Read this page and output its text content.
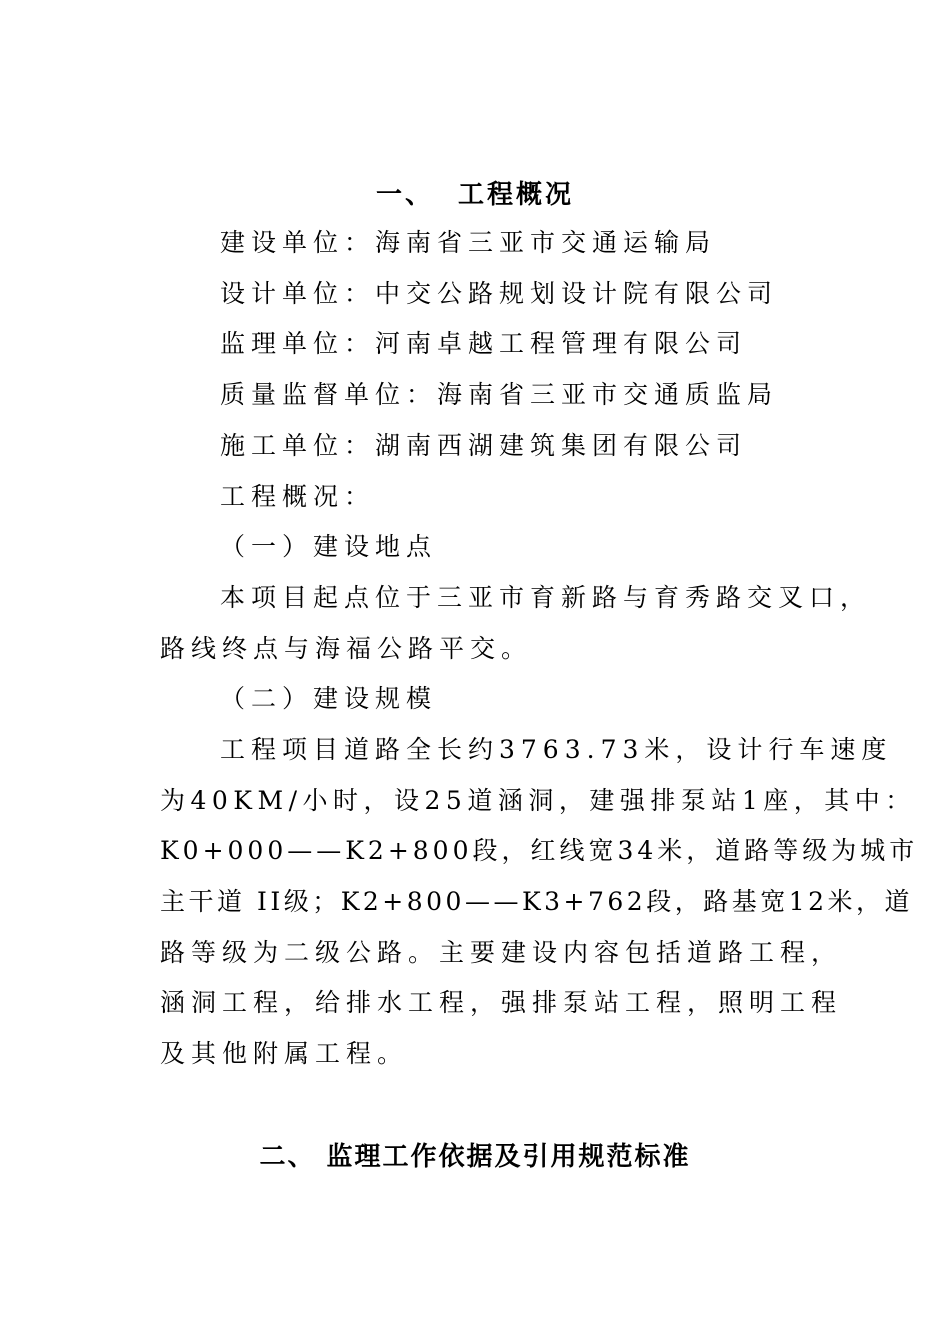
一、  工程概况
建设单位：海南省三亚市交通运输局
设计单位：中交公路规划设计院有限公司
监理单位：河南卓越工程管理有限公司
质量监督单位：海南省三亚市交通质监局
施工单位：湖南西湖建筑集团有限公司
工程概况：
（一）建设地点
本项目起点位于三亚市育新路与育秀路交叉口，
路线终点与海福公路平交。
（二）建设规模
工程项目道路全长约3763.73米，设计行车速度
为40KM/小时，设25道涵洞，建强排泵站1座，其中：
K0+000——K2+800段，红线宽34米，道路等级为城市
主干道 II级；K2+800——K3+762段，路基宽12米，道
路等级为二级公路。主要建设内容包括道路工程，
涵洞工程，给排水工程，强排泵站工程，照明工程
及其他附属工程。
二、 监理工作依据及引用规范标准
